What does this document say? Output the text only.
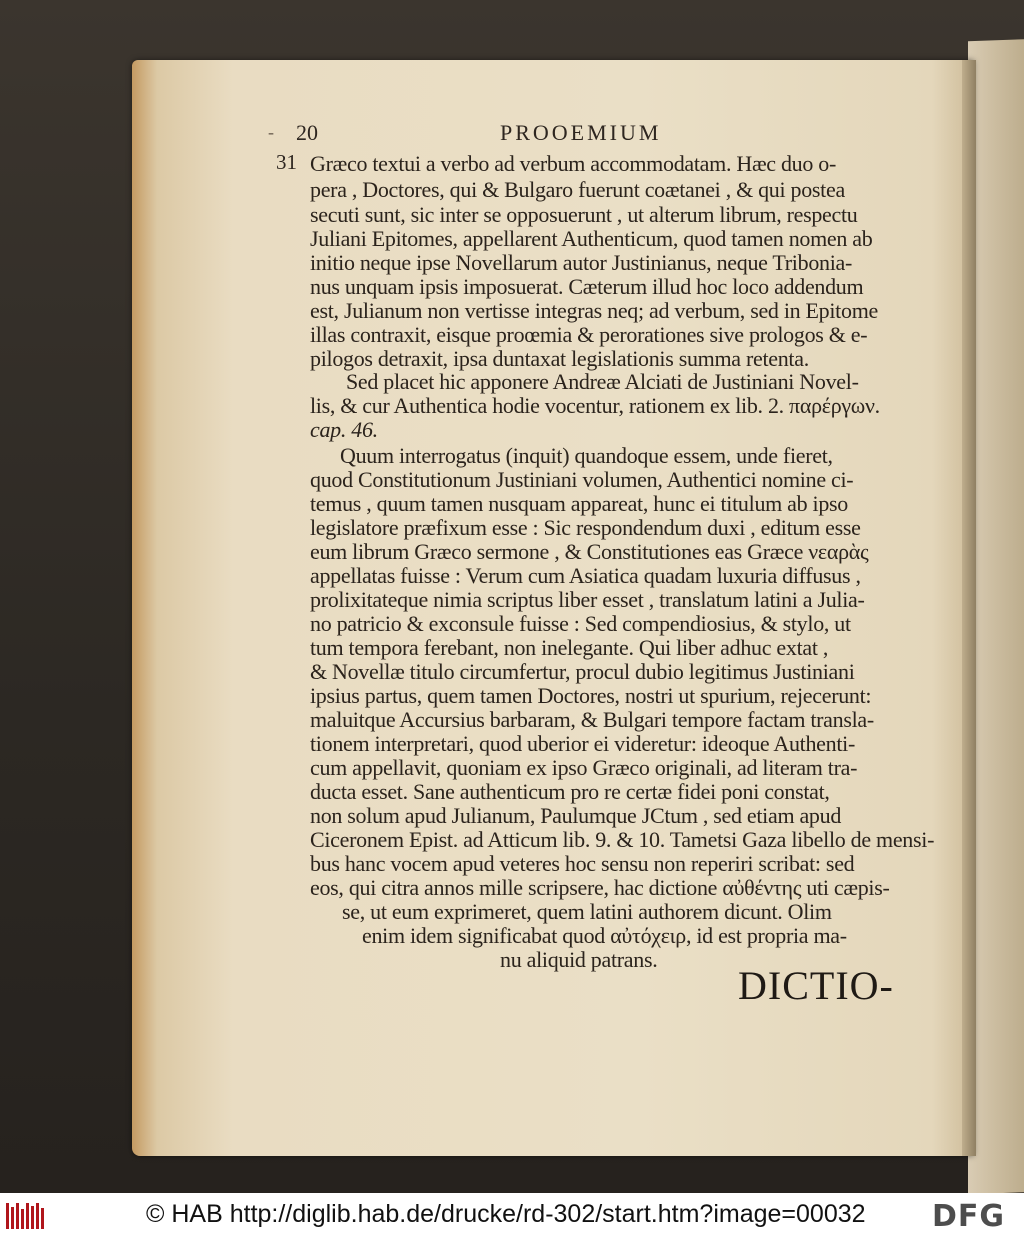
- 20	PROOEMIUM
31 Græco textui a verbo ad verbum accommodatam. Hæc duo o-
pera , Doctores, qui & Bulgaro fuerunt coætanei , & qui postea
secuti sunt, sic inter se opposuerunt , ut alterum librum, respectu
Juliani Epitomes, appellarent Authenticum, quod tamen nomen ab
initio neque ipse Novellarum autor Justinianus, neque Tribonia-
nus unquam ipsis imposuerat. Cæterum illud hoc loco addendum
est, Julianum non vertisse integras neq; ad verbum, sed in Epitome
illas contraxit, eisque proœmia & perorationes sive prologos & e-
pilogos detraxit, ipsa duntaxat legislationis summa retenta.
Sed placet hic apponere Andreæ Alciati de Justiniani Novel-
lis, & cur Authentica hodie vocentur, rationem ex lib. 2. παρέργων.
cap. 46.
Quum interrogatus (inquit) quandoque essem, unde fieret,
quod Constitutionum Justiniani volumen, Authentici nomine ci-
temus , quum tamen nusquam appareat, hunc ei titulum ab ipso
legislatore præfixum esse : Sic respondendum duxi , editum esse
eum librum Græco sermone , & Constitutiones eas Græce νεαρὰς
appellatas fuisse : Verum cum Asiatica quadam luxuria diffusus ,
prolixitateque nimia scriptus liber esset , translatum latini a Julia-
no patricio & exconsule fuisse : Sed compendiosius, & stylo, ut
tum tempora ferebant, non inelegante. Qui liber adhuc extat ,
& Novellæ titulo circumfertur, procul dubio legitimus Justiniani
ipsius partus, quem tamen Doctores, nostri ut spurium, rejecerunt:
maluitque Accursius barbaram, & Bulgari tempore factam transla-
tionem interpretari, quod uberior ei videretur: ideoque Authenti-
cum appellavit, quoniam ex ipso Græco originali, ad literam tra-
ducta esset. Sane authenticum pro re certæ fidei poni constat,
non solum apud Julianum, Paulumque JCtum , sed etiam apud
Ciceronem Epist. ad Atticum lib. 9. & 10. Tametsi Gaza libello de mensi-
bus hanc vocem apud veteres hoc sensu non reperiri scribat: sed
eos, qui citra annos mille scripsere, hac dictione αὐθέντης uti cæpis-
se, ut eum exprimeret, quem latini authorem dicunt. Olim
enim idem significabat quod αὐτόχειρ, id est propria ma-
nu aliquid patrans.
DICTIO-
© HAB http://diglib.hab.de/drucke/rd-302/start.htm?image=00032 DFG
